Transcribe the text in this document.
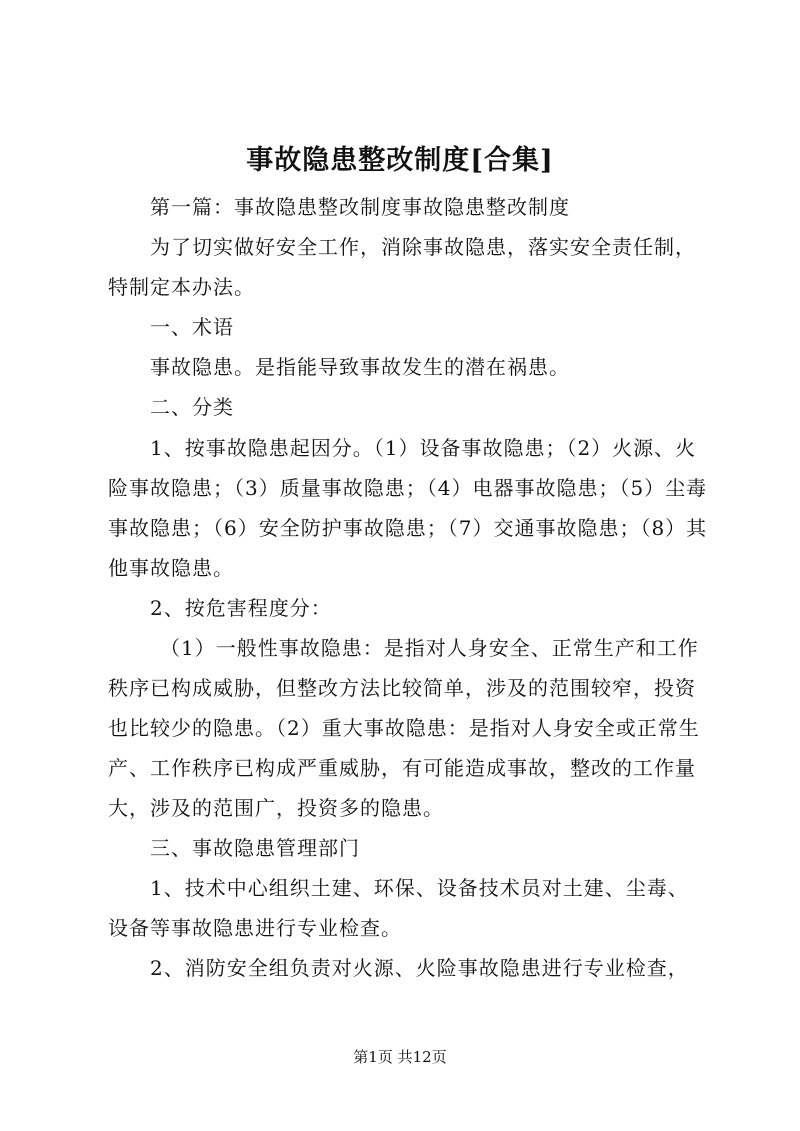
事故隐患整改制度[合集]
第一篇：事故隐患整改制度事故隐患整改制度
为了切实做好安全工作，消除事故隐患，落实安全责任制，
特制定本办法。
一、术语
事故隐患。是指能导致事故发生的潜在祸患。
二、分类
1、按事故隐患起因分。（1）设备事故隐患；（2）火源、火
险事故隐患；（3）质量事故隐患；（4）电器事故隐患；（5）尘毒
事故隐患；（6）安全防护事故隐患；（7）交通事故隐患；（8）其
他事故隐患。
2、按危害程度分：
（1）一般性事故隐患：是指对人身安全、正常生产和工作
秩序已构成威胁，但整改方法比较简单，涉及的范围较窄，投资
也比较少的隐患。（2）重大事故隐患：是指对人身安全或正常生
产、工作秩序已构成严重威胁，有可能造成事故，整改的工作量
大，涉及的范围广，投资多的隐患。
三、事故隐患管理部门
1、技术中心组织土建、环保、设备技术员对土建、尘毒、
设备等事故隐患进行专业检查。
2、消防安全组负责对火源、火险事故隐患进行专业检查，
第1页 共12页
